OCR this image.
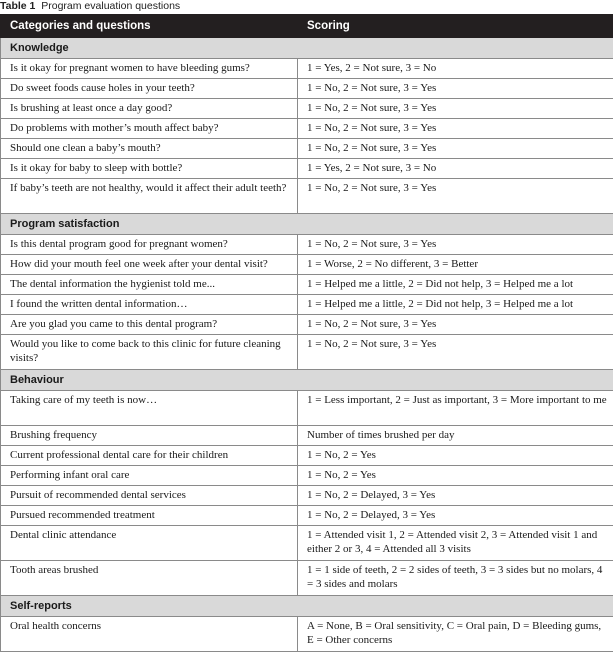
Table 1 Program evaluation questions
Categories and questions	Scoring
Knowledge	
Is it okay for pregnant women to have bleeding gums?	1 = Yes, 2 = Not sure, 3 = No
Do sweet foods cause holes in your teeth?	1 = No, 2 = Not sure, 3 = Yes
Is brushing at least once a day good?	1 = No, 2 = Not sure, 3 = Yes
Do problems with mother’s mouth affect baby?	1 = No, 2 = Not sure, 3 = Yes
Should one clean a baby’s mouth?	1 = No, 2 = Not sure, 3 = Yes
Is it okay for baby to sleep with bottle?	1 = Yes, 2 = Not sure, 3 = No
If baby’s teeth are not healthy, would it affect their adult teeth?	1 = No, 2 = Not sure, 3 = Yes
Program satisfaction	
Is this dental program good for pregnant women?	1 = No, 2 = Not sure, 3 = Yes
How did your mouth feel one week after your dental visit?	1 = Worse, 2 = No different, 3 = Better
The dental information the hygienist told me...	1 = Helped me a little, 2 = Did not help, 3 = Helped me a lot
I found the written dental information…	1 = Helped me a little, 2 = Did not help, 3 = Helped me a lot
Are you glad you came to this dental program?	1 = No, 2 = Not sure, 3 = Yes
Would you like to come back to this clinic for future cleaning visits?	1 = No, 2 = Not sure, 3 = Yes
Behaviour	
Taking care of my teeth is now…	1 = Less important, 2 = Just as important, 3 = More important to me
Brushing frequency	Number of times brushed per day
Current professional dental care for their children	1 = No, 2 = Yes
Performing infant oral care	1 = No, 2 = Yes
Pursuit of recommended dental services	1 = No, 2 = Delayed, 3 = Yes
Pursued recommended treatment	1 = No, 2 = Delayed, 3 = Yes
Dental clinic attendance	1 = Attended visit 1, 2 = Attended visit 2, 3 = Attended visit 1 and either 2 or 3, 4 = Attended all 3 visits
Tooth areas brushed	1 = 1 side of teeth, 2 = 2 sides of teeth, 3 = 3 sides but no molars, 4 = 3 sides and molars
Self-reports	
Oral health concerns	A = None, B = Oral sensitivity, C = Oral pain, D = Bleeding gums, E = Other concerns
